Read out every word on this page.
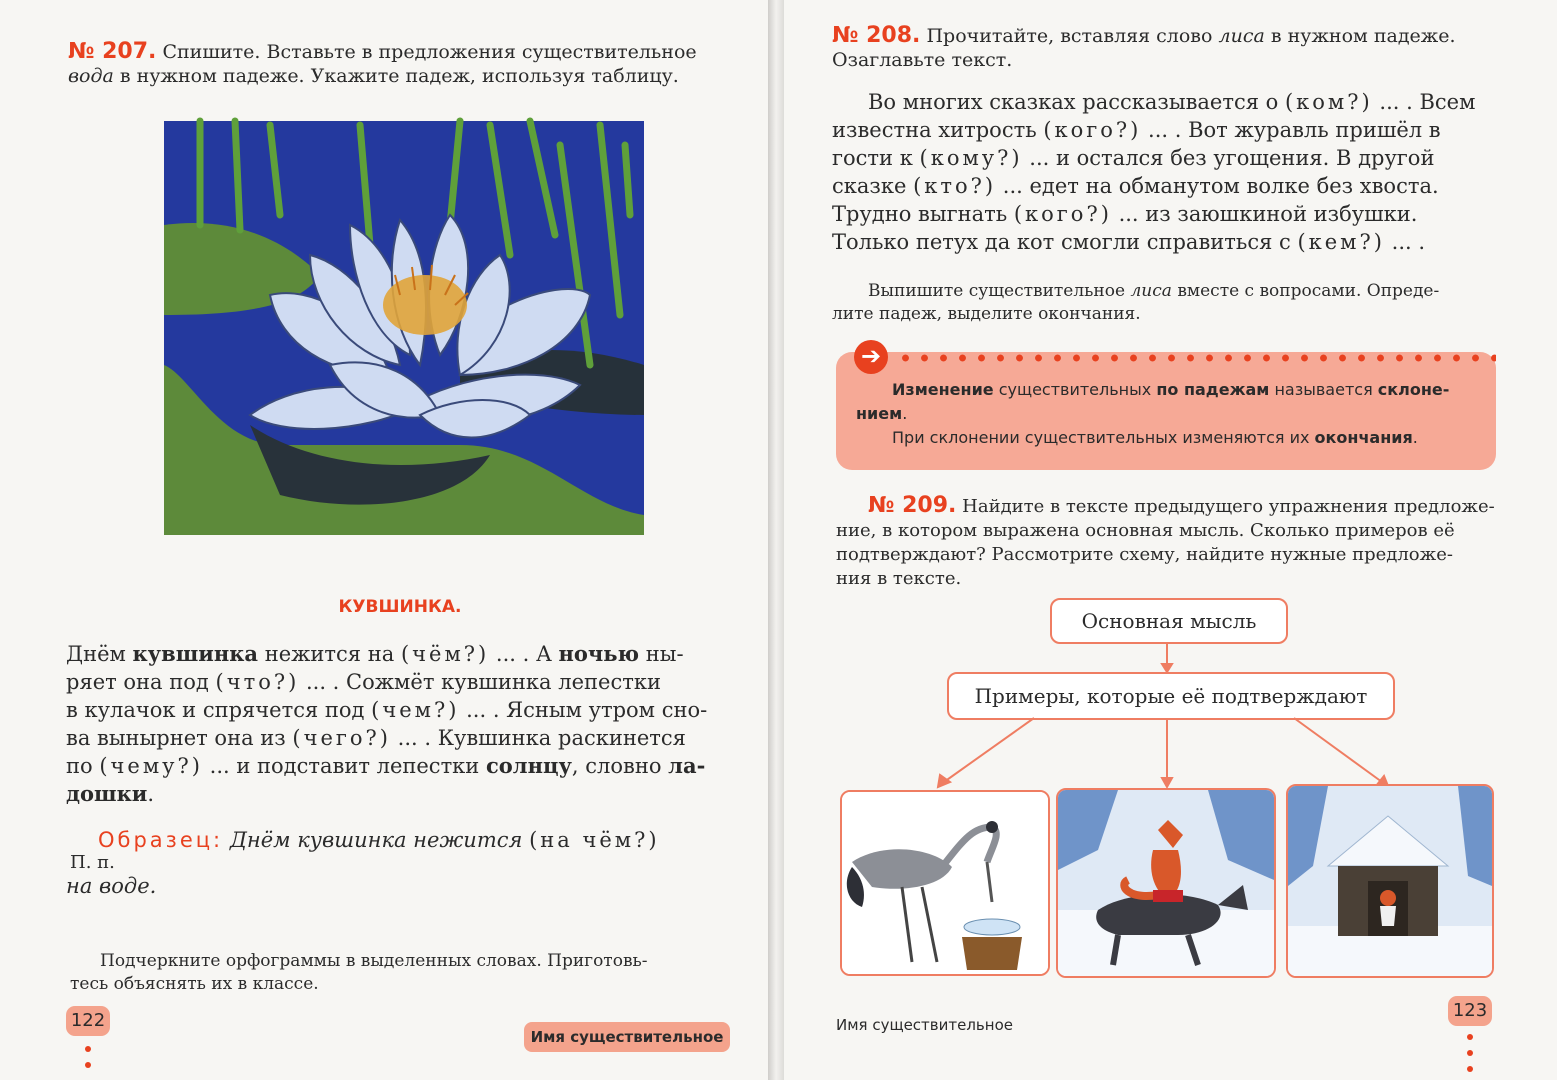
№ 207. Спишите. Вставьте в предложения существительное
вода в нужном падеже. Укажите падеж, используя таблицу.
КУВШИНКА.
Днём кувшинка нежится на (чём?) ... . А ночью ны-
ряет она под (что?) ... . Сожмёт кувшинка лепестки
в кулачок и спрячется под (чем?) ... . Ясным утром сно-
ва вынырнет она из (чего?) ... . Кувшинка раскинется
по (чему?) ... и подставит лепестки солнцу, словно ла-
дошки.
Образец: Днём кувшинка нежится (на чём?)
П. п.
на воде.
Подчеркните орфограммы в выделенных словах. Приготовь-
тесь объяснять их в классе.
122
Имя существительное
№ 208. Прочитайте, вставляя слово лиса в нужном падеже.
Озаглавьте текст.
Во многих сказках рассказывается о (ком?) ... . Всем
известна хитрость (кого?) ... . Вот журавль пришёл в
гости к (кому?) ... и остался без угощения. В другой
сказке (кто?) ... едет на обманутом волке без хвоста.
Трудно выгнать (кого?) ... из заюшкиной избушки.
Только петух да кот смогли справиться с (кем?) ... .
Выпишите существительное лиса вместе с вопросами. Опреде-
лите падеж, выделите окончания.
Изменение существительных по падежам называется склоне-
нием.
При склонении существительных изменяются их окончания.
➔
№ 209. Найдите в тексте предыдущего упражнения предложе-
ние, в котором выражена основная мысль. Сколько примеров её
подтверждают? Рассмотрите схему, найдите нужные предложе-
ния в тексте.
Основная мысль
Примеры, которые её подтверждают
Имя существительное
123
